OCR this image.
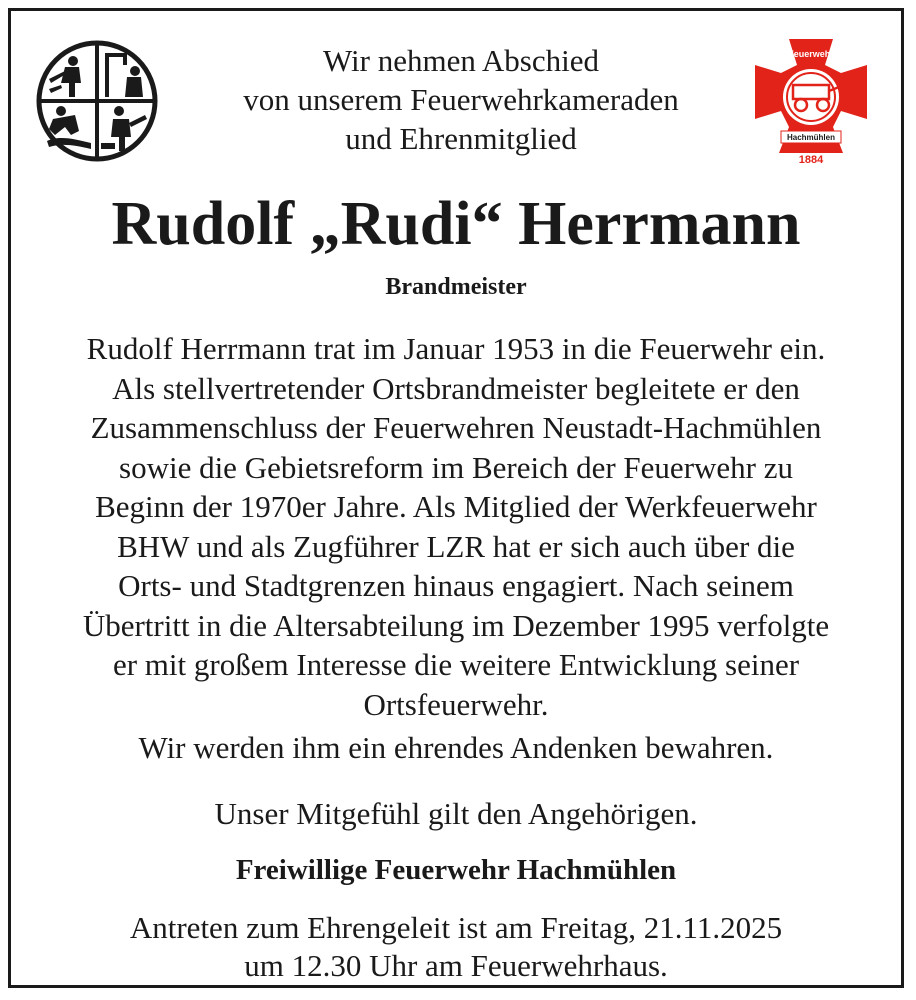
Wir nehmen Abschied
von unserem Feuerwehrkameraden
und Ehrenmitglied
Feuerwehr
Hachmühlen
1884
Rudolf „Rudi“ Herrmann
Brandmeister
Rudolf Herrmann trat im Januar 1953 in die Feuerwehr ein.
Als stellvertretender Ortsbrandmeister begleitete er den
Zusammenschluss der Feuerwehren Neustadt-Hachmühlen
sowie die Gebietsreform im Bereich der Feuerwehr zu
Beginn der 1970er Jahre. Als Mitglied der Werkfeuerwehr
BHW und als Zugführer LZR hat er sich auch über die
Orts- und Stadtgrenzen hinaus engagiert. Nach seinem
Übertritt in die Altersabteilung im Dezember 1995 verfolgte
er mit großem Interesse die weitere Entwicklung seiner
Ortsfeuerwehr.
Wir werden ihm ein ehrendes Andenken bewahren.
Unser Mitgefühl gilt den Angehörigen.
Freiwillige Feuerwehr Hachmühlen
Antreten zum Ehrengeleit ist am Freitag, 21.11.2025
um 12.30 Uhr am Feuerwehrhaus.
